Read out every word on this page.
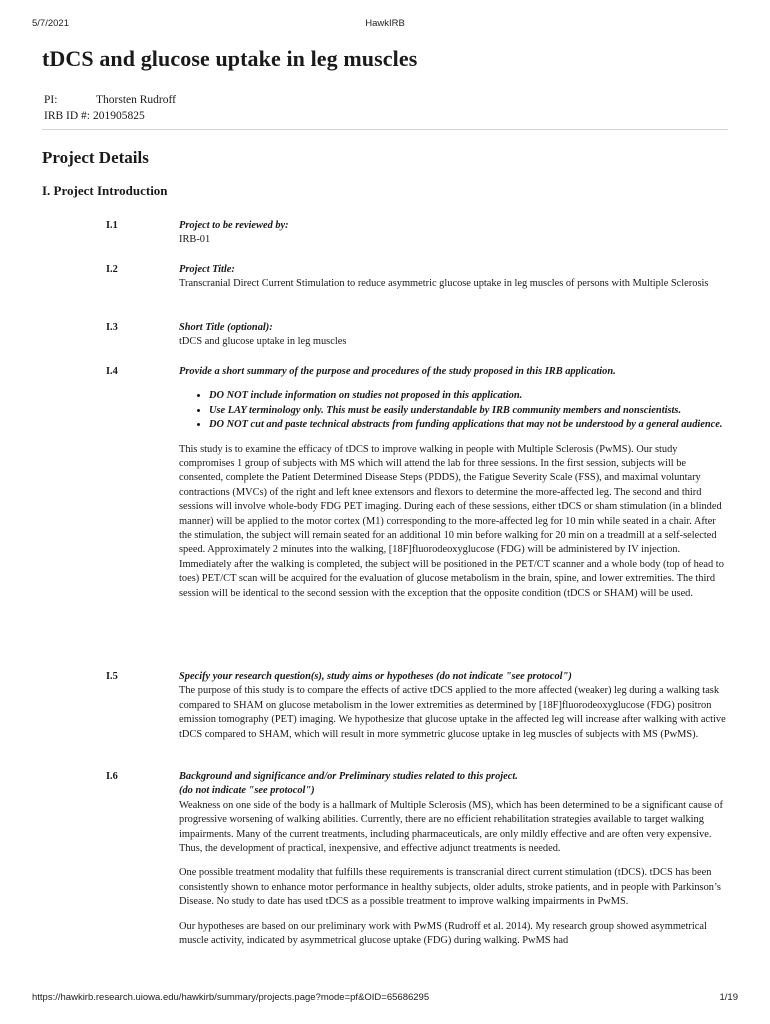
5/7/2021	HawkIRB
tDCS and glucose uptake in leg muscles
PI:	Thorsten Rudroff
IRB ID #: 201905825
Project Details
I. Project Introduction
I.1	Project to be reviewed by:
IRB-01
I.2	Project Title:
Transcranial Direct Current Stimulation to reduce asymmetric glucose uptake in leg muscles of persons with Multiple Sclerosis
I.3	Short Title (optional):
tDCS and glucose uptake in leg muscles
I.4	Provide a short summary of the purpose and procedures of the study proposed in this IRB application.
• DO NOT include information on studies not proposed in this application.
• Use LAY terminology only. This must be easily understandable by IRB community members and nonscientists.
• DO NOT cut and paste technical abstracts from funding applications that may not be understood by a general audience.
This study is to examine the efficacy of tDCS to improve walking in people with Multiple Sclerosis (PwMS). Our study compromises 1 group of subjects with MS which will attend the lab for three sessions. In the first session, subjects will be consented, complete the Patient Determined Disease Steps (PDDS), the Fatigue Severity Scale (FSS), and maximal voluntary contractions (MVCs) of the right and left knee extensors and flexors to determine the more-affected leg. The second and third sessions will involve whole-body FDG PET imaging. During each of these sessions, either tDCS or sham stimulation (in a blinded manner) will be applied to the motor cortex (M1) corresponding to the more-affected leg for 10 min while seated in a chair. After the stimulation, the subject will remain seated for an additional 10 min before walking for 20 min on a treadmill at a self-selected speed. Approximately 2 minutes into the walking, [18F]fluorodeoxyglucose (FDG) will be administered by IV injection. Immediately after the walking is completed, the subject will be positioned in the PET/CT scanner and a whole body (top of head to toes) PET/CT scan will be acquired for the evaluation of glucose metabolism in the brain, spine, and lower extremities. The third session will be identical to the second session with the exception that the opposite condition (tDCS or SHAM) will be used.
I.5	Specify your research question(s), study aims or hypotheses (do not indicate "see protocol")
The purpose of this study is to compare the effects of active tDCS applied to the more affected (weaker) leg during a walking task compared to SHAM on glucose metabolism in the lower extremities as determined by [18F]fluorodeoxyglucose (FDG) positron emission tomography (PET) imaging. We hypothesize that glucose uptake in the affected leg will increase after walking with active tDCS compared to SHAM, which will result in more symmetric glucose uptake in leg muscles of subjects with MS (PwMS).
I.6	Background and significance and/or Preliminary studies related to this project.
(do not indicate "see protocol")
Weakness on one side of the body is a hallmark of Multiple Sclerosis (MS), which has been determined to be a significant cause of progressive worsening of walking abilities. Currently, there are no efficient rehabilitation strategies available to target walking impairments. Many of the current treatments, including pharmaceuticals, are only mildly effective and are often very expensive. Thus, the development of practical, inexpensive, and effective adjunct treatments is needed.
One possible treatment modality that fulfills these requirements is transcranial direct current stimulation (tDCS). tDCS has been consistently shown to enhance motor performance in healthy subjects, older adults, stroke patients, and in people with Parkinson’s Disease. No study to date has used tDCS as a possible treatment to improve walking impairments in PwMS.
Our hypotheses are based on our preliminary work with PwMS (Rudroff et al. 2014). My research group showed asymmetrical muscle activity, indicated by asymmetrical glucose uptake (FDG) during walking. PwMS had
https://hawkirb.research.uiowa.edu/hawkirb/summary/projects.page?mode=pf&OID=65686295	1/19
